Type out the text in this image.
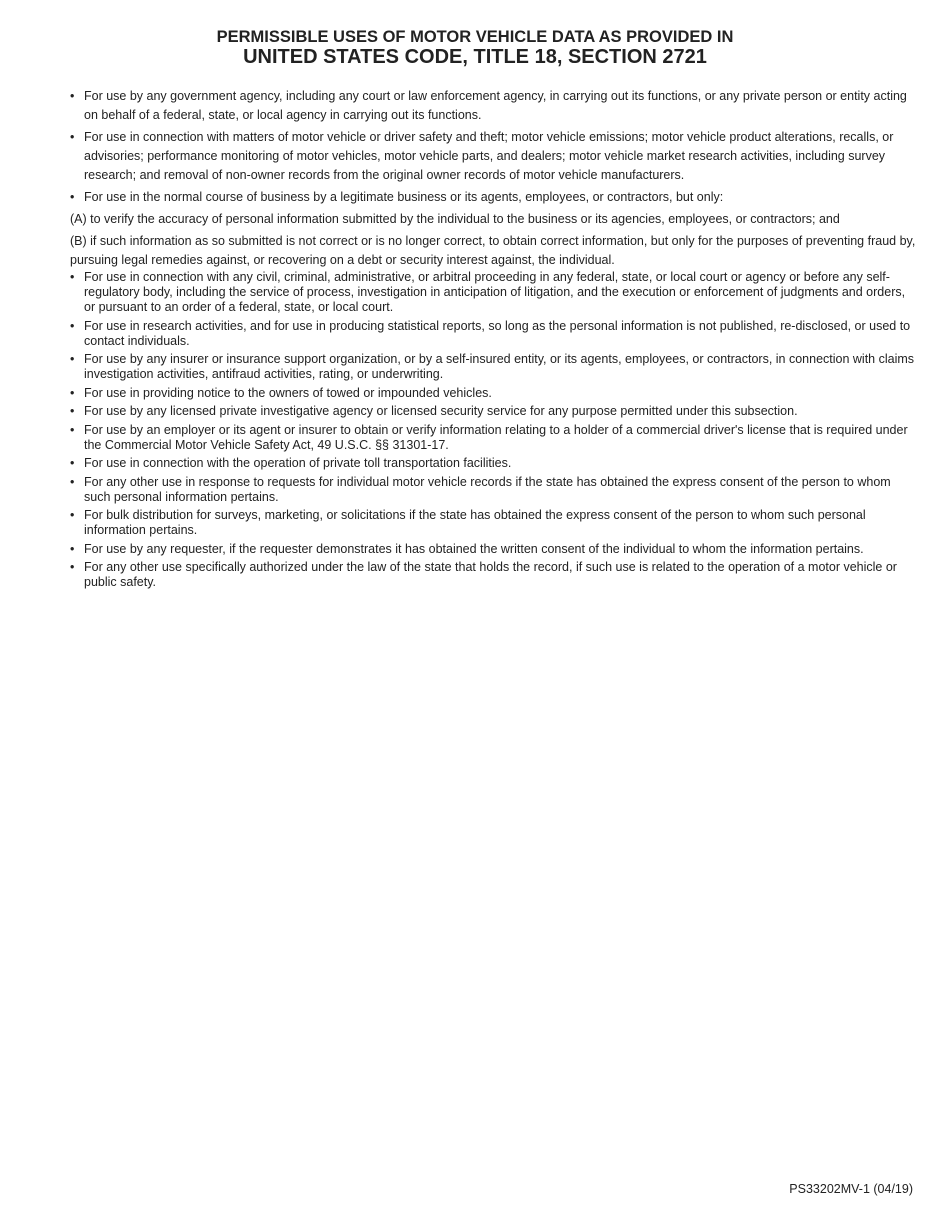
PERMISSIBLE USES OF MOTOR VEHICLE DATA AS PROVIDED IN
UNITED STATES CODE, TITLE 18, SECTION 2721
• For use by any government agency, including any court or law enforcement agency, in carrying out its functions, or any private person or entity acting on behalf of a federal, state, or local agency in carrying out its functions.
• For use in connection with matters of motor vehicle or driver safety and theft; motor vehicle emissions; motor vehicle product alterations, recalls, or advisories; performance monitoring of motor vehicles, motor vehicle parts, and dealers; motor vehicle market research activities, including survey research; and removal of non-owner records from the original owner records of motor vehicle manufacturers.
• For use in the normal course of business by a legitimate business or its agents, employees, or contractors, but only:

(A) to verify the accuracy of personal information submitted by the individual to the business or its agencies, employees, or contractors; and

(B) if such information as so submitted is not correct or is no longer correct, to obtain correct information, but only for the purposes of preventing fraud by, pursuing legal remedies against, or recovering on a debt or security interest against, the individual.

• For use in connection with any civil, criminal, administrative, or arbitral proceeding in any federal, state, or local court or agency or before any self-regulatory body, including the service of process, investigation in anticipation of litigation, and the execution or enforcement of judgments and orders, or pursuant to an order of a federal, state, or local court.
• For use in research activities, and for use in producing statistical reports, so long as the personal information is not published, re-disclosed, or used to contact individuals.
• For use by any insurer or insurance support organization, or by a self-insured entity, or its agents, employees, or contractors, in connection with claims investigation activities, antifraud activities, rating, or underwriting.
• For use in providing notice to the owners of towed or impounded vehicles.
• For use by any licensed private investigative agency or licensed security service for any purpose permitted under this subsection.
• For use by an employer or its agent or insurer to obtain or verify information relating to a holder of a commercial driver's license that is required under the Commercial Motor Vehicle Safety Act, 49 U.S.C. §§ 31301-17.
• For use in connection with the operation of private toll transportation facilities.
• For any other use in response to requests for individual motor vehicle records if the state has obtained the express consent of the person to whom such personal information pertains.
• For bulk distribution for surveys, marketing, or solicitations if the state has obtained the express consent of the person to whom such personal information pertains.
• For use by any requester, if the requester demonstrates it has obtained the written consent of the individual to whom the information pertains.
• For any other use specifically authorized under the law of the state that holds the record, if such use is related to the operation of a motor vehicle or public safety.
PS33202MV-1 (04/19)
